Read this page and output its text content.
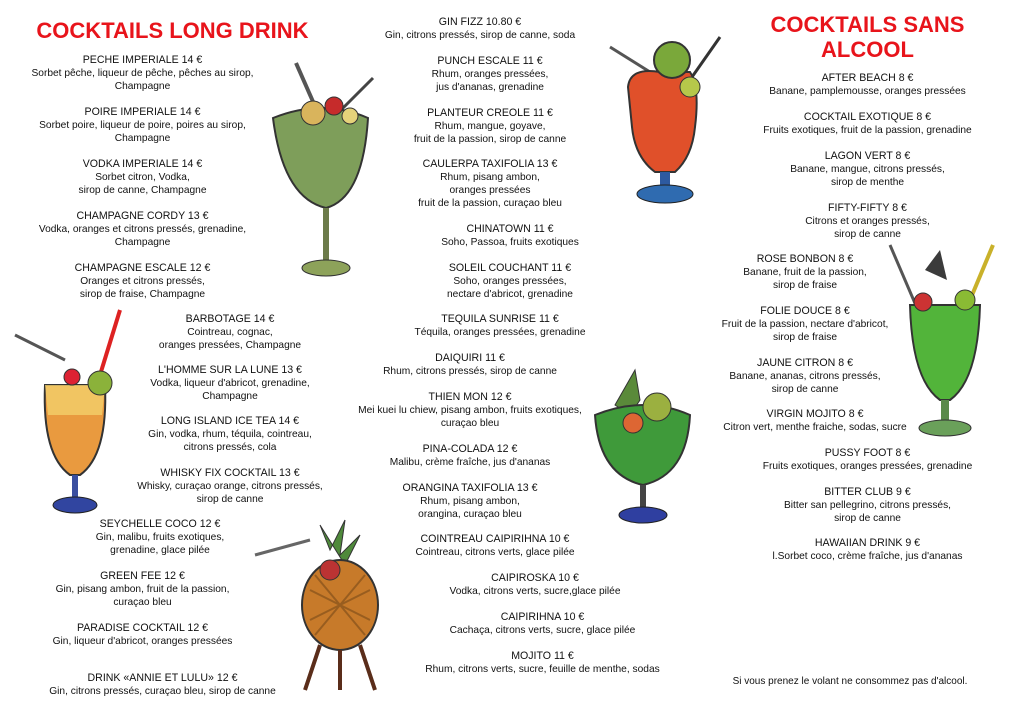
COCKTAILS LONG DRINK	COCKTAILS SANS
ALCOOL
PECHE IMPERIALE 14 €
Sorbet pêche, liqueur de pêche, pêches au sirop,
Champagne
POIRE IMPERIALE 14 €
Sorbet poire, liqueur de poire, poires au sirop,
Champagne
VODKA IMPERIALE 14 €
Sorbet citron, Vodka,
sirop de canne, Champagne
CHAMPAGNE CORDY 13 €
Vodka, oranges et citrons pressés, grenadine,
Champagne
CHAMPAGNE ESCALE 12 €
Oranges et citrons pressés,
sirop de fraise, Champagne
BARBOTAGE 14 €
Cointreau, cognac,
oranges pressées, Champagne
L'HOMME SUR LA LUNE 13 €
Vodka, liqueur d'abricot, grenadine,
Champagne
LONG ISLAND ICE TEA 14 €
Gin, vodka, rhum, téquila, cointreau,
citrons pressés, cola
WHISKY FIX COCKTAIL 13 €
Whisky, curaçao orange, citrons pressés,
sirop de canne
SEYCHELLE COCO 12 €
Gin, malibu, fruits exotiques,
grenadine, glace pilée
GREEN FEE 12 €
Gin, pisang ambon, fruit de la passion,
curaçao bleu
PARADISE COCKTAIL 12 €
Gin, liqueur d'abricot, oranges pressées
DRINK «ANNIE ET LULU» 12 €
Gin, citrons pressés, curaçao bleu, sirop de canne
GIN FIZZ 10.80 €
Gin, citrons pressés, sirop de canne, soda
PUNCH ESCALE 11 €
Rhum, oranges pressées,
jus d'ananas, grenadine
PLANTEUR CREOLE 11 €
Rhum, mangue, goyave,
fruit de la passion, sirop de canne
CAULERPA TAXIFOLIA 13 €
Rhum, pisang ambon,
oranges pressées
fruit de la passion, curaçao bleu
CHINATOWN 11 €
Soho, Passoa, fruits exotiques
SOLEIL COUCHANT 11 €
Soho, oranges pressées,
nectare d'abricot, grenadine
TEQUILA SUNRISE 11 €
Téquila, oranges pressées, grenadine
DAIQUIRI 11 €
Rhum, citrons pressés, sirop de canne
THIEN MON 12 €
Mei kuei lu chiew, pisang ambon, fruits exotiques,
curaçao bleu
PINA-COLADA 12 €
Malibu, crème fraîche, jus d'ananas
ORANGINA TAXIFOLIA 13 €
Rhum, pisang ambon,
orangina, curaçao bleu
COINTREAU CAIPIRIHNA 10 €
Cointreau, citrons verts, glace pilée
CAIPIROSKA 10 €
Vodka, citrons verts, sucre,glace pilée
CAIPIRIHNA 10 €
Cachaça, citrons verts, sucre, glace pilée
MOJITO 11 €
Rhum, citrons verts, sucre, feuille de menthe, sodas
AFTER BEACH 8 €
Banane, pamplemousse, oranges pressées
COCKTAIL EXOTIQUE 8 €
Fruits exotiques, fruit de la passion, grenadine
LAGON VERT 8 €
Banane, mangue, citrons pressés,
sirop de menthe
FIFTY-FIFTY 8 €
Citrons et oranges pressés,
sirop de canne
ROSE BONBON 8 €
Banane, fruit de la passion,
sirop de fraise
FOLIE DOUCE 8 €
Fruit de la passion, nectare d'abricot,
sirop de fraise
JAUNE CITRON 8 €
Banane, ananas, citrons pressés,
sirop de canne
VIRGIN MOJITO 8 €
Citron vert, menthe fraiche, sodas, sucre
PUSSY FOOT 8 €
Fruits exotiques, oranges pressées, grenadine
BITTER CLUB 9 €
Bitter san pellegrino, citrons pressés,
sirop de canne
HAWAIIAN DRINK 9 €
l.Sorbet coco, crème fraîche, jus d'ananas
Si vous prenez le volant ne consommez pas d'alcool.
